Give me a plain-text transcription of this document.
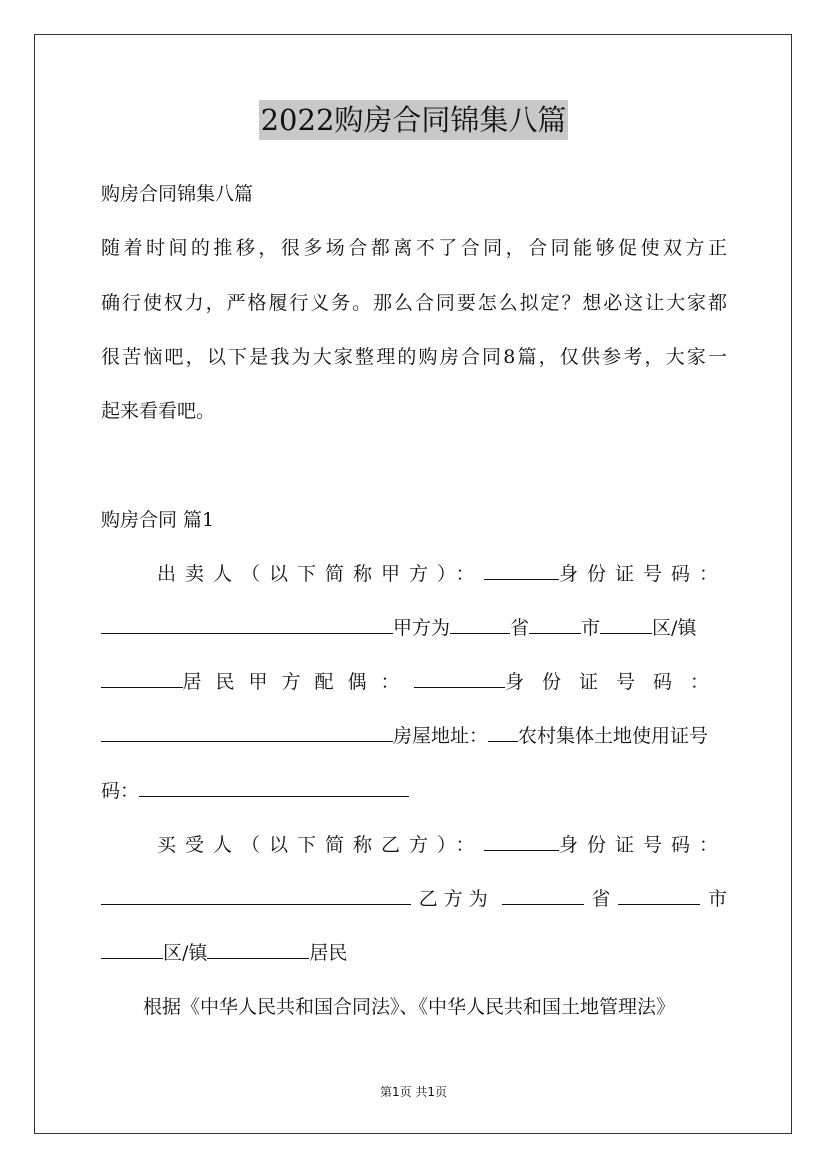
2022购房合同锦集八篇
购房合同锦集八篇
随着时间的推移，很多场合都离不了合同，合同能够促使双方正
确行使权力，严格履行义务。那么合同要怎么拟定？想必这让大家都
很苦恼吧，以下是我为大家整理的购房合同8篇，仅供参考，大家一
起来看看吧。
购房合同 篇1
出卖人（以下简称甲方）：	身份证号码：
甲方为	省	市	区/镇
居民甲方配偶：	身份证号码：
房屋地址： 农村集体土地使用证号
码：
买受人（以下简称乙方）：	身份证号码：
乙方为	省	市
区/镇	居民
根据《中华人民共和国合同法》、《中华人民共和国土地管理法》
第1页 共1页
